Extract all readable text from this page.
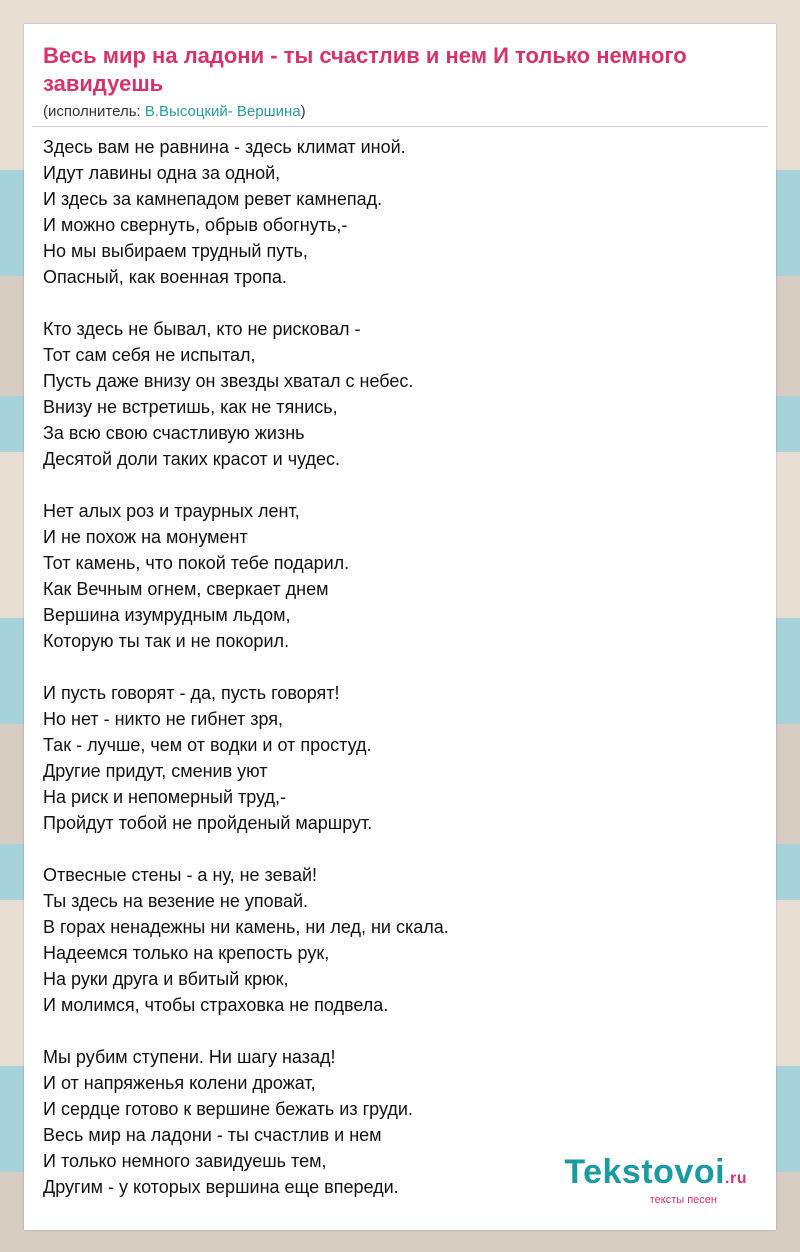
Весь мир на ладони - ты счастлив и нем И только немного завидуешь
(исполнитель: В.Высоцкий- Вершина)
Здесь вам не равнина - здесь климат иной.
Идут лавины одна за одной,
И здесь за камнепадом ревет камнепад.
И можно свернуть, обрыв обогнуть,-
Но мы выбираем трудный путь,
Опасный, как военная тропа.
Кто здесь не бывал, кто не рисковал -
Тот сам себя не испытал,
Пусть даже внизу он звезды хватал с небес.
Внизу не встретишь, как не тянись,
За всю свою счастливую жизнь
Десятой доли таких красот и чудес.
Нет алых роз и траурных лент,
И не похож на монумент
Тот камень, что покой тебе подарил.
Как Вечным огнем, сверкает днем
Вершина изумрудным льдом,
Которую ты так и не покорил.
И пусть говорят - да, пусть говорят!
Но нет - никто не гибнет зря,
Так - лучше, чем от водки и от простуд.
Другие придут, сменив уют
На риск и непомерный труд,-
Пройдут тобой не пройденый маршрут.
Отвесные стены - а ну, не зевай!
Ты здесь на везение не уповай.
В горах ненадежны ни камень, ни лед, ни скала.
Надеемся только на крепость рук,
На руки друга и вбитый крюк,
И молимся, чтобы страховка не подвела.
Мы рубим ступени. Ни шагу назад!
И от напряженья колени дрожат,
И сердце готово к вершине бежать из груди.
Весь мир на ладони - ты счастлив и нем
И только немного завидуешь тем,
Другим - у которых вершина еще впереди.	Tekstovoi.ru
тексты песен
